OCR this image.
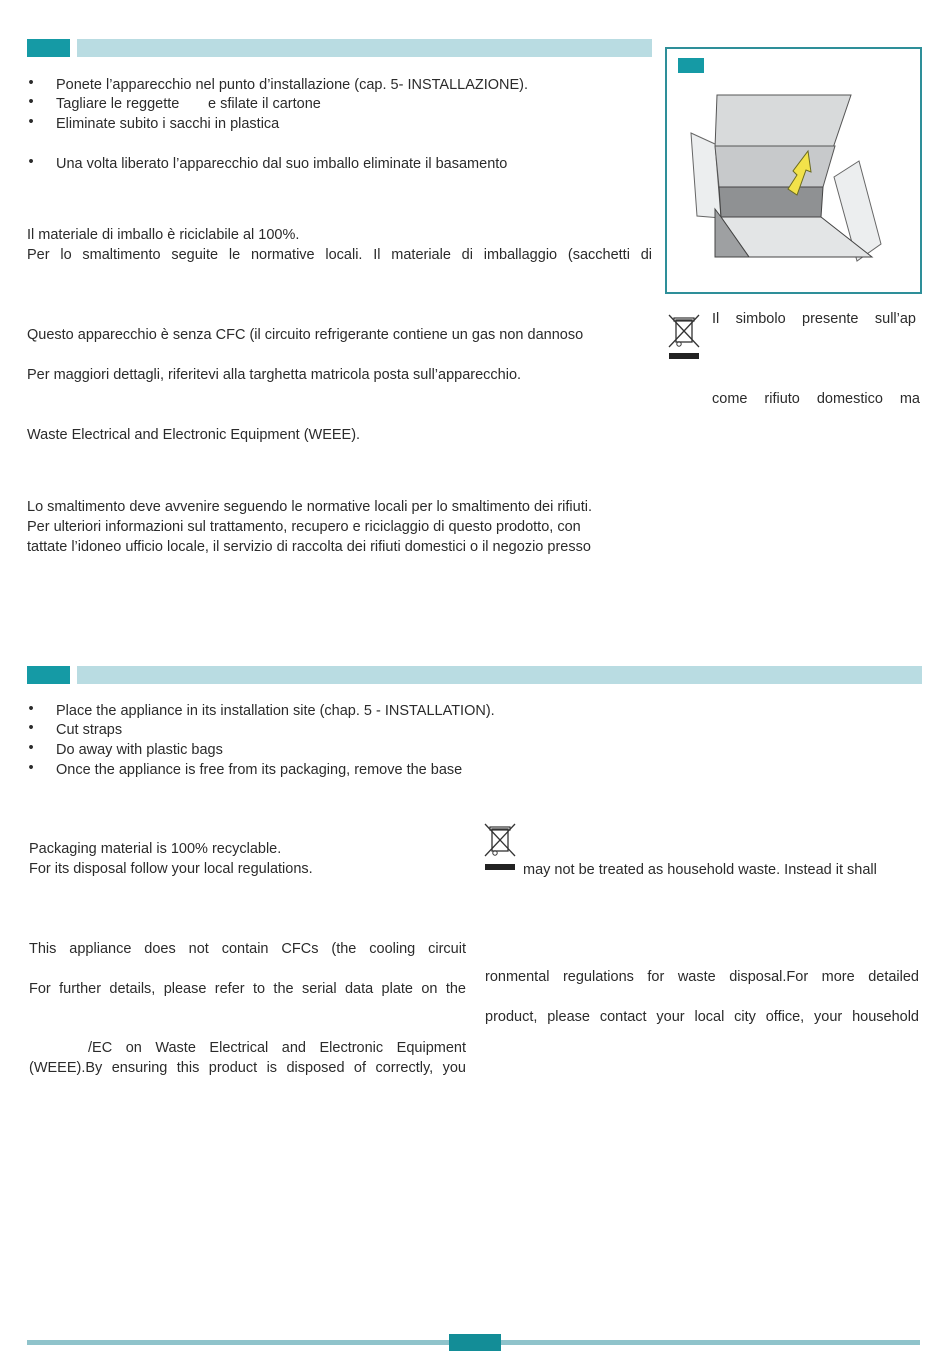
• Ponete l’apparecchio nel punto d’installazione (cap. 5- INSTALLAZIONE).
• Tagliare le reggette e sfilate il cartone
• Eliminate subito i sacchi in plastica
• Una volta liberato l’apparecchio dal suo imballo eliminate il basamento
Il materiale di imballo è riciclabile al 100%.
Per lo smaltimento seguite le normative locali. Il materiale di imballaggio (sacchetti di
Questo apparecchio è senza CFC (il circuito refrigerante contiene un gas non dannoso
Per maggiori dettagli, riferitevi alla targhetta matricola posta sull’apparecchio.
Waste Electrical and Electronic Equipment (WEEE).
Lo smaltimento deve avvenire seguendo le normative locali per lo smaltimento dei rifiuti.
Per ulteriori informazioni sul trattamento, recupero e riciclaggio di questo prodotto, con
tattate l’idoneo ufficio locale, il servizio di raccolta dei rifiuti domestici o il negozio presso
Il simbolo presente sull’ap
come rifiuto domestico ma
• Place the appliance in its installation site (chap. 5 - INSTALLATION).
• Cut straps
• Do away with plastic bags
• Once the appliance is free from its packaging, remove the base
Packaging material is 100% recyclable.
For its disposal follow your local regulations.
This appliance does not contain CFCs (the cooling circuit
For further details, please refer to the serial data plate on the
/EC on Waste Electrical and Electronic Equipment
(WEEE).By ensuring this product is disposed of correctly, you
may not be treated as household waste. Instead it shall
ronmental regulations for waste disposal.For more detailed
product, please contact your local city office, your household
